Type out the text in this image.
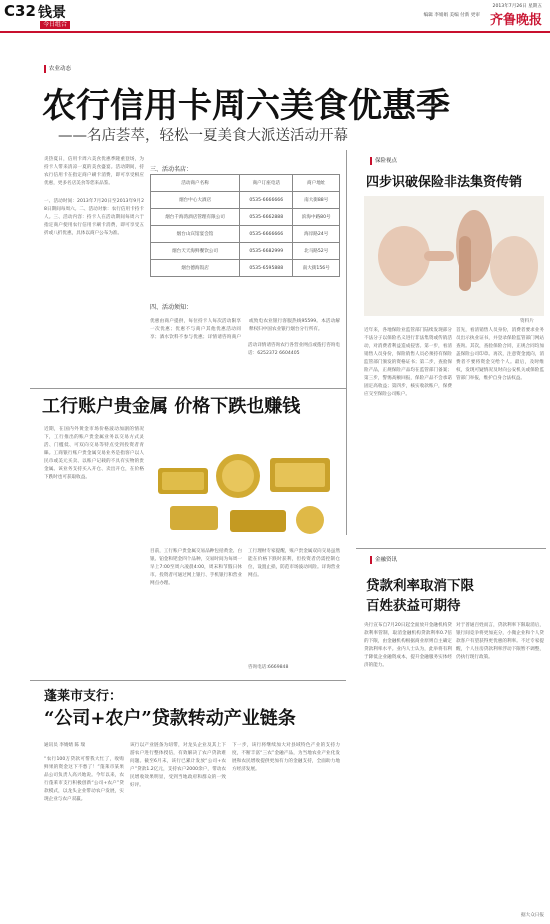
C32 钱景
今日组合
2013年7月26日 星期五
编辑 李娟娟 美编 付新 更审 齐鲁晚报
农业动态
农行信用卡周六美食优惠季
——名店荟萃，轻松一夏美食大派送活动开幕
炎热夏日，信用卡周六美食优惠季隆重登场，为持卡人带来清凉一夏的美食盛宴。活动期间，持农行信用卡在指定商户刷卡消费，即可享受相应优惠，更多名店美食等您来品鉴。
一、活动时间：2013年7月20日至2013年9月28日期间每周六。二、活动对象：农行信用卡持卡人。三、活动内容：持卡人在活动期间每周六于指定商户使用农行信用卡刷卡消费，即可享受五折或八折优惠，具体以商户公布为准。
三、活动名店：
活动商户名称	商户订座电话	商户地址
烟台中心大酒店	0535-6666666	南大街88号
烟台千海湾酒店管理有限公司	0535-6662888	滨海中路80号
烟台山宾馆宴会馆	0535-6666666	海岸路24号
烟台天天海鲜餐饮公司	0535-6682999	北马路52号
烟台德海饭店	0535-6595888	南大街156号
四、活动须知：
优惠由商户提供，每位持卡人每次活动限享一次优惠；优惠不与商户其他优惠活动同享；酒水饮料不参与优惠；详情请咨询商户或致电农业银行客服热线95599。本活动解释权归中国农业银行烟台分行所有。
活动详情请咨询农行各营业网点或拨打咨询电话：6252372 6604405
保险视点
四步识破保险非法集资传销
资料片
近年来，各地保险业监管部门陆续发现部分不法分子以保险名义进行非法集资或传销活动，对消费者利益造成侵害。第一步，看清销售人员身份，保险销售人员必须持有保险监管部门颁发的资格证书；第二步，查验保险产品，正规保险产品均在监管部门备案；第三步，警惕高额回报，保险产品不会承诺固定高收益；第四步，核实收款账户，保费应交至保险公司账户。
首先，看清销售人员身份，消费者要求业务员出示执业证书，并登录保险监管部门网站查询。其次，查验保险合同，正规合同均加盖保险公司印章。再次，注意资金流向，消费者不要将资金交给个人。最后，及时维权，发现可疑情况及时向公安机关或保险监管部门举报，维护自身合法权益。
工行账户贵金属 价格下跌也赚钱
近期，在国内外黄金市场价格波动加剧的情况下，工行推出的账户贵金属业务以交易方式灵活、门槛低、可双向交易等特点受到投资者青睐。工商银行账户贵金属交易业务是指客户以人民币或美元买卖、以账户记载的不具有实物的贵金属。该业务支持买入开仓、卖出开仓，在价格下跌时也可获取收益。
目前，工行账户贵金属交易品种包括黄金、白银、铂金和钯金四个品种，交易时间为每周一早上7:00至周六凌晨4:00，周末和节假日休市。投资者可通过网上银行、手机银行和营业网点办理。
工行理财专家提醒，账户贵金属双向交易虽然能在价格下跌时获利，但投资者仍需控制仓位，设置止损，防范市场波动风险。详询营业网点。
咨询电话:6669848
蓬莱市支行：
“公司+农户”贷款转动产业链条
通讯员 李婧婧 陈 瑞
“农行100万贷款可帮我大忙了，收购鲜果的资金这下不愁了！”蓬莱市某果品公司负责人高兴地说。今年以来，农行蓬莱市支行积极创新“公司+农户”贷款模式，以龙头企业带动农户发展，实现企业与农户双赢。
该行以产业链条为纽带，对龙头企业及其上下游农户进行整体授信，有效解决了农户贷款难问题。截至6月末，该行已累计发放“公司+农户”贷款1.2亿元，支持农户2000余户，带动农民增收效果明显，受到当地政府和群众的一致好评。
下一步，该行将继续加大对县域特色产业的支持力度，不断丰富“三农”金融产品，为当地农业产业化发展和农民增收提供更加有力的金融支持，全面助力地方经济发展。
金融资讯
贷款利率取消下限
百姓获益可期待
央行宣布自7月20日起全面放开金融机构贷款利率管制，取消金融机构贷款利率0.7倍的下限，由金融机构根据商业原则自主确定贷款利率水平。业内人士认为，此举将有利于降低企业融资成本，提升金融服务实体经济的能力。
对于普通百姓而言，贷款利率下限取消后，银行间竞争将更加充分，小微企业和个人贷款客户有望获得更优惠的利率。不过专家提醒，个人住房贷款利率浮动下限暂不调整，仍执行现行政策。
据大众日报
